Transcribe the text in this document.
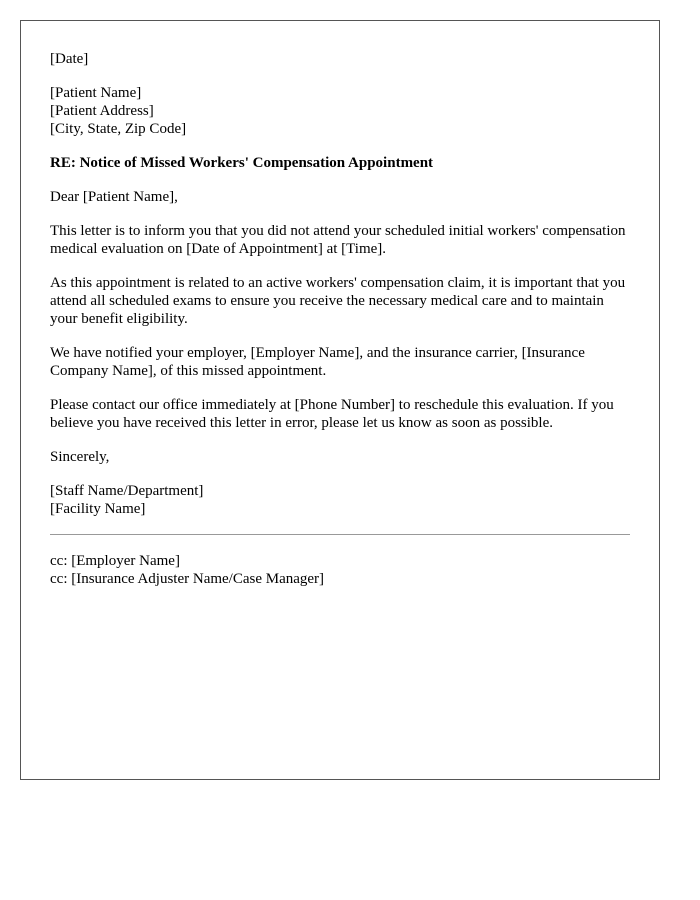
[Date]
[Patient Name]
[Patient Address]
[City, State, Zip Code]
RE: Notice of Missed Workers' Compensation Appointment

Dear [Patient Name],

This letter is to inform you that you did not attend your scheduled initial workers' compensation medical evaluation on [Date of Appointment] at [Time].

As this appointment is related to an active workers' compensation claim, it is important that you attend all scheduled exams to ensure you receive the necessary medical care and to maintain your benefit eligibility.

We have notified your employer, [Employer Name], and the insurance carrier, [Insurance Company Name], of this missed appointment.

Please contact our office immediately at [Phone Number] to reschedule this evaluation. If you believe you have received this letter in error, please let us know as soon as possible.

Sincerely,

[Staff Name/Department]
[Facility Name]
cc: [Employer Name]
cc: [Insurance Adjuster Name/Case Manager]
